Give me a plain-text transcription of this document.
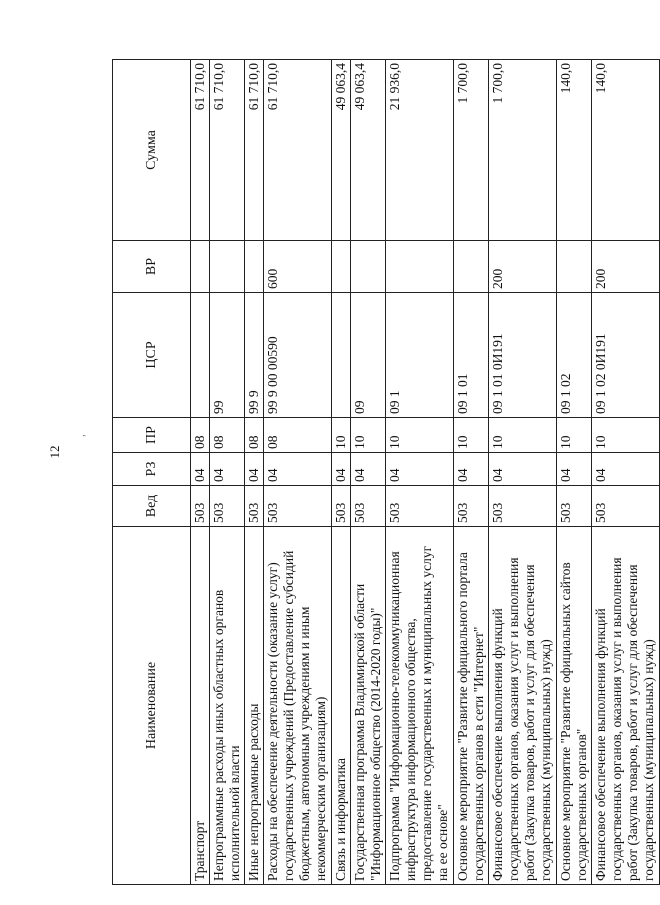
12
,
Наименование	Вед	РЗ	ПР	ЦСР	ВР	Сумма
Транспорт	503	04	08			61 710,0
Непрограммные расходы иных областных органов исполнительной власти	503	04	08	99		61 710,0
Иные непрограммные расходы	503	04	08	99 9		61 710,0
Расходы на обеспечение деятельности (оказание услуг) государственных учреждений (Предоставление субсидий бюджетным, автономным учреждениям и иным некоммерческим организациям)	503	04	08	99 9 00 00590	600	61 710,0
Связь и информатика	503	04	10			49 063,4
Государственная программа Владимирской области "Информационное общество (2014-2020 годы)"	503	04	10	09		49 063,4
Подпрограмма "Информационно-телекоммуникационная инфраструктура информационного общества, предоставление государственных и муниципальных услуг на ее основе"	503	04	10	09 1		21 936,0
Основное мероприятие "Развитие официального портала государственных органов в сети "Интернет"	503	04	10	09 1 01		1 700,0
Финансовое обеспечение выполнения функций государственных органов, оказания услуг и выполнения работ (Закупка товаров, работ и услуг для обеспечения государственных (муниципальных) нужд)	503	04	10	09 1 01 0И191	200	1 700,0
Основное мероприятие "Развитие официальных сайтов государственных органов"	503	04	10	09 1 02		140,0
Финансовое обеспечение выполнения функций государственных органов, оказания услуг и выполнения работ (Закупка товаров, работ и услуг для обеспечения государственных (муниципальных) нужд)	503	04	10	09 1 02 0И191	200	140,0
